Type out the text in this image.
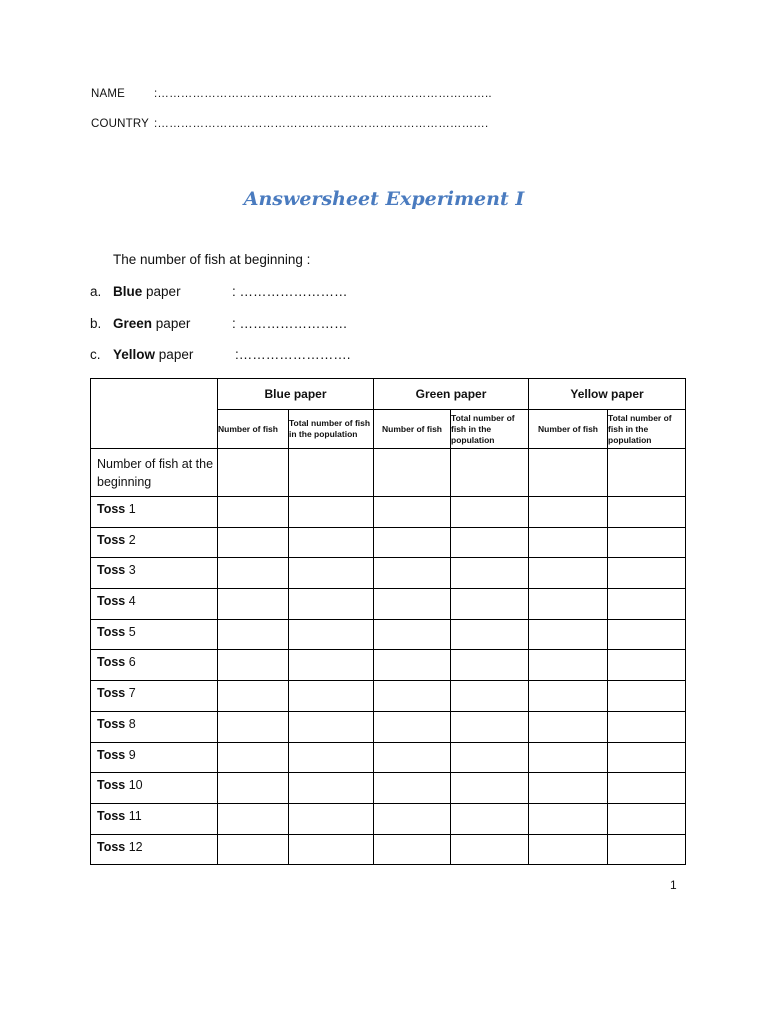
NAME	:…………………………………………………………………………..
COUNTRY :………………………………………………………………………….
Answersheet Experiment I
The number of fish at beginning :
a. Blue paper	: ……………………
b. Green paper	: ……………………
c. Yellow paper	:…………………….
	Blue paper		Green paper		Yellow paper	
	Number of fish	Total number of fish in the population	Number of fish	Total number of fish in the population	Number of fish	Total number of fish in the population
Number of fish at the beginning						
Toss 1						
Toss 2						
Toss 3						
Toss 4						
Toss 5						
Toss 6						
Toss 7						
Toss 8						
Toss 9						
Toss 10						
Toss 11						
Toss 12						
1
